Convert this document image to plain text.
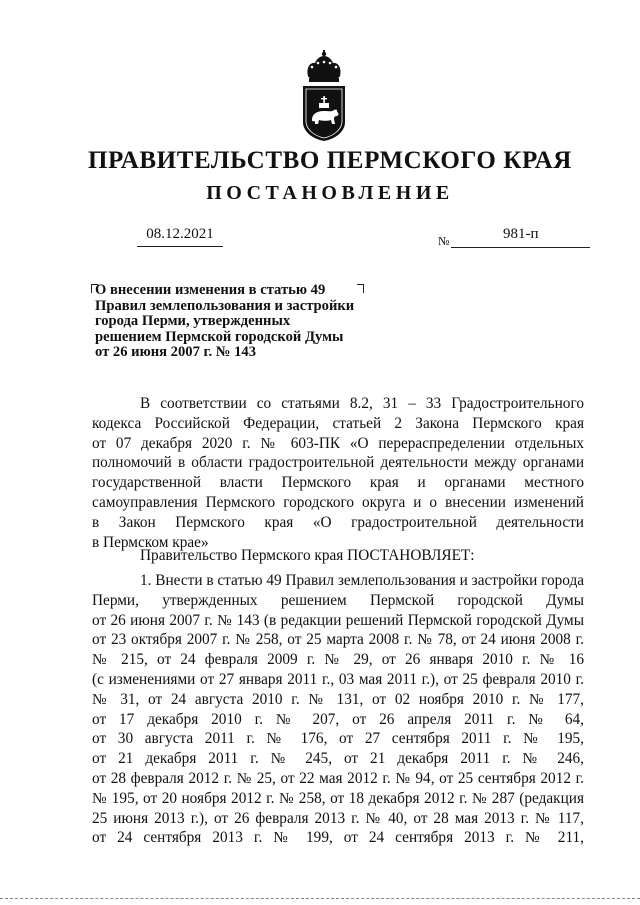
ПРАВИТЕЛЬСТВО ПЕРМСКОГО КРАЯ
ПОСТАНОВЛЕНИЕ
08.12.2021	№	981-п
О внесении изменения в статью 49
Правил землепользования и застройки
города Перми, утвержденных
решением Пермской городской Думы
от 26 июня 2007 г. № 143
В соответствии со статьями 8.2, 31 – 33 Градостроительного
кодекса Российской Федерации, статьей 2 Закона Пермского края
от 07 декабря 2020 г. № 603-ПК «О перераспределении отдельных
полномочий в области градостроительной деятельности между органами
государственной власти Пермского края и органами местного
самоуправления Пермского городского округа и о внесении изменений
в Закон Пермского края «О градостроительной деятельности
в Пермском крае»
Правительство Пермского края ПОСТАНОВЛЯЕТ:
1. Внести в статью 49 Правил землепользования и застройки города
Перми, утвержденных решением Пермской городской Думы
от 26 июня 2007 г. № 143 (в редакции решений Пермской городской Думы
от 23 октября 2007 г. № 258, от 25 марта 2008 г. № 78, от 24 июня 2008 г.
№ 215, от 24 февраля 2009 г. № 29, от 26 января 2010 г. № 16
(с изменениями от 27 января 2011 г., 03 мая 2011 г.), от 25 февраля 2010 г.
№ 31, от 24 августа 2010 г. № 131, от 02 ноября 2010 г. № 177,
от 17 декабря 2010 г. № 207, от 26 апреля 2011 г. № 64,
от 30 августа 2011 г. № 176, от 27 сентября 2011 г. № 195,
от 21 декабря 2011 г. № 245, от 21 декабря 2011 г. № 246,
от 28 февраля 2012 г. № 25, от 22 мая 2012 г. № 94, от 25 сентября 2012 г.
№ 195, от 20 ноября 2012 г. № 258, от 18 декабря 2012 г. № 287 (редакция
25 июня 2013 г.), от 26 февраля 2013 г. № 40, от 28 мая 2013 г. № 117,
от 24 сентября 2013 г. № 199, от 24 сентября 2013 г. № 211,
